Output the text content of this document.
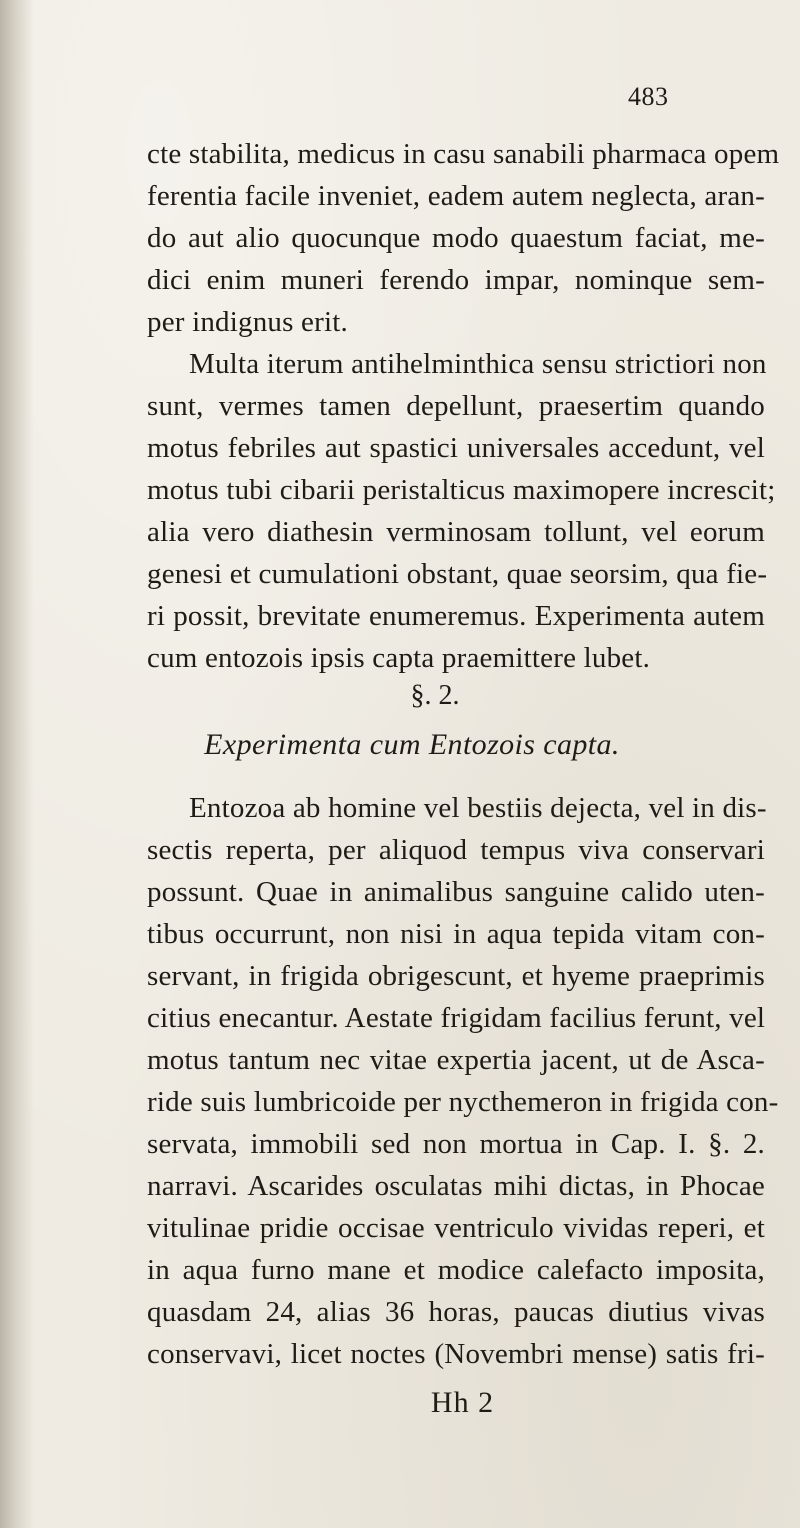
483
cte stabilita, medicus in casu sanabili pharmaca opem
ferentia facile inveniet, eadem autem neglecta, aran-
do aut alio quocunque modo quaestum faciat, me-
dici enim muneri ferendo impar, nominque sem-
per indignus erit.
Multa iterum antihelminthica sensu strictiori non
sunt, vermes tamen depellunt, praesertim quando
motus febriles aut spastici universales accedunt, vel
motus tubi cibarii peristalticus maximopere increscit;
alia vero diathesin verminosam tollunt, vel eorum
genesi et cumulationi obstant, quae seorsim, qua fie-
ri possit, brevitate enumeremus. Experimenta autem
cum entozois ipsis capta praemittere lubet.
§. 2.
Experimenta cum Entozois capta.
Entozoa ab homine vel bestiis dejecta, vel in dis-
sectis reperta, per aliquod tempus viva conservari
possunt. Quae in animalibus sanguine calido uten-
tibus occurrunt, non nisi in aqua tepida vitam con-
servant, in frigida obrigescunt, et hyeme praeprimis
citius enecantur. Aestate frigidam facilius ferunt, vel
motus tantum nec vitae expertia jacent, ut de Asca-
ride suis lumbricoide per nycthemeron in frigida con-
servata, immobili sed non mortua in Cap. I. §. 2.
narravi. Ascarides osculatas mihi dictas, in Phocae
vitulinae pridie occisae ventriculo vividas reperi, et
in aqua furno mane et modice calefacto imposita,
quasdam 24, alias 36 horas, paucas diutius vivas
conservavi, licet noctes (Novembri mense) satis fri-
Hh 2
